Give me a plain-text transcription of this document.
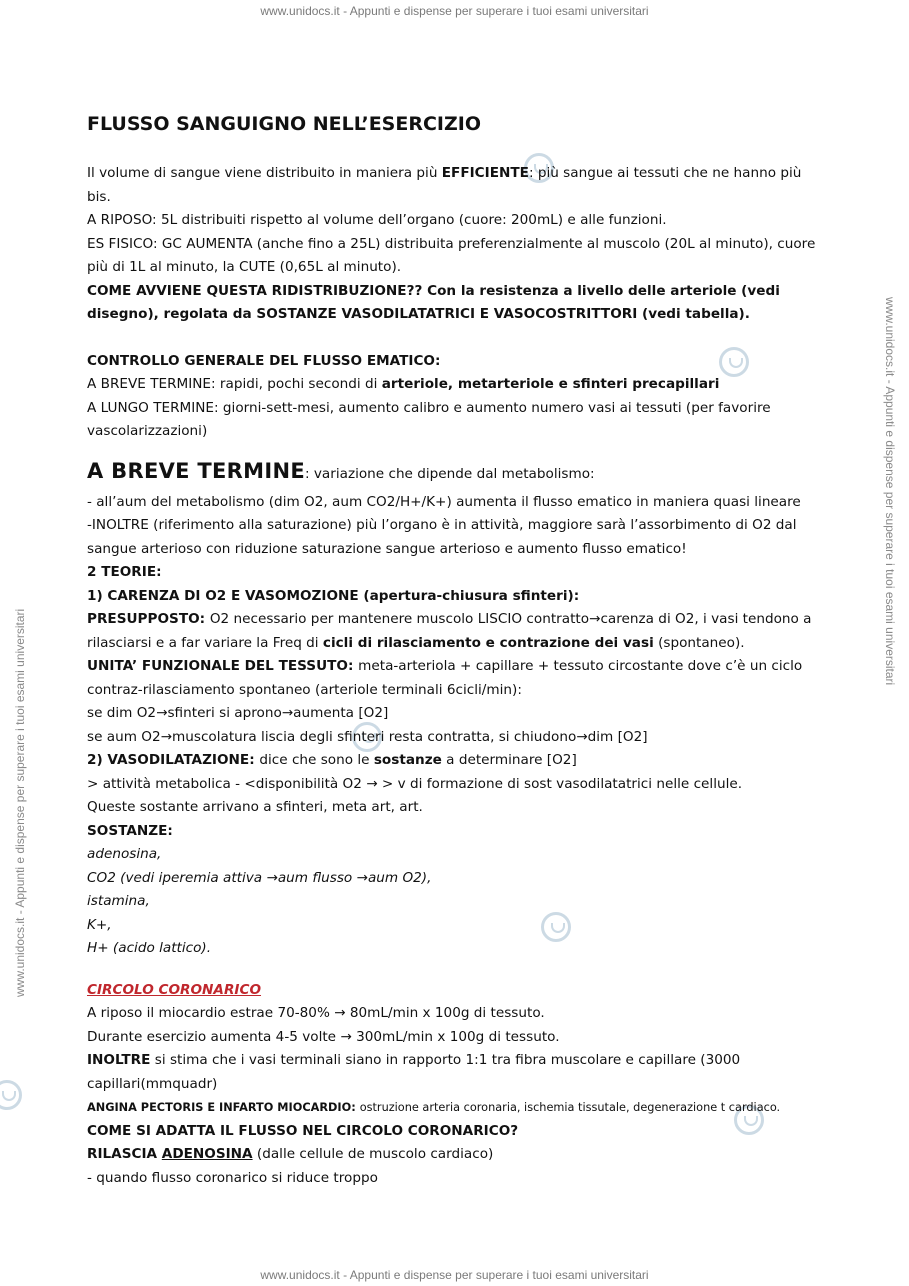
www.unidocs.it - Appunti e dispense per superare i tuoi esami universitari
www.unidocs.it - Appunti e dispense per superare i tuoi esami universitari
www.unidocs.it - Appunti e dispense per superare i tuoi esami universitari
www.unidocs.it - Appunti e dispense per superare i tuoi esami universitari

FLUSSO SANGUIGNO NELL’ESERCIZIO

Il volume di sangue viene distribuito in maniera più EFFICIENTE: più sangue ai tessuti che ne hanno più bis.

A RIPOSO: 5L distribuiti rispetto al volume dell’organo (cuore: 200mL) e alle funzioni.

ES FISICO: GC AUMENTA (anche fino a 25L) distribuita preferenzialmente al muscolo (20L al minuto), cuore più di 1L al minuto, la CUTE (0,65L al minuto).

COME AVVIENE QUESTA RIDISTRIBUZIONE?? Con la resistenza a livello delle arteriole (vedi disegno), regolata da SOSTANZE VASODILATATRICI E VASOCOSTRITTORI (vedi tabella).

CONTROLLO GENERALE DEL FLUSSO EMATICO:

A BREVE TERMINE: rapidi, pochi secondi di arteriole, metarteriole e sfinteri precapillari

A LUNGO TERMINE: giorni-sett-mesi, aumento calibro e aumento numero vasi ai tessuti (per favorire vascolarizzazioni)

A BREVE TERMINE: variazione che dipende dal metabolismo:

- all’aum del metabolismo (dim O2, aum CO2/H+/K+) aumenta il flusso ematico in maniera quasi lineare

-INOLTRE (riferimento alla saturazione) più l’organo è in attività, maggiore sarà l’assorbimento di O2 dal sangue arterioso con riduzione saturazione sangue arterioso e aumento flusso ematico!

2 TEORIE:

1) CARENZA DI O2 E VASOMOZIONE (apertura-chiusura sfinteri):

PRESUPPOSTO: O2 necessario per mantenere muscolo LISCIO contratto→carenza di O2, i vasi tendono a rilasciarsi e a far variare la Freq di cicli di rilasciamento e contrazione dei vasi (spontaneo).

UNITA’ FUNZIONALE DEL TESSUTO: meta-arteriola + capillare + tessuto circostante dove c’è un ciclo contraz-rilasciamento spontaneo (arteriole terminali 6cicli/min):

se dim O2→sfinteri si aprono→aumenta [O2]

se aum O2→muscolatura liscia degli sfinteri resta contratta, si chiudono→dim [O2]

2) VASODILATAZIONE: dice che sono le sostanze a determinare [O2]

> attività metabolica - <disponibilità O2 → > v di formazione di sost vasodilatatrici nelle cellule.

Queste sostante arrivano a sfinteri, meta art, art.

SOSTANZE:

adenosina,

CO2 (vedi iperemia attiva →aum flusso →aum O2),

istamina,

K+,

H+ (acido lattico).

CIRCOLO CORONARICO

A riposo il miocardio estrae 70-80% → 80mL/min x 100g di tessuto.

Durante esercizio aumenta 4-5 volte → 300mL/min x 100g di tessuto.

INOLTRE si stima che i vasi terminali siano in rapporto 1:1 tra fibra muscolare e capillare (3000 capillari(mmquadr)

ANGINA PECTORIS E INFARTO MIOCARDIO: ostruzione arteria coronaria, ischemia tissutale, degenerazione t cardiaco.

COME SI ADATTA IL FLUSSO NEL CIRCOLO CORONARICO?

RILASCIA ADENOSINA (dalle cellule de muscolo cardiaco)

- quando flusso coronarico si riduce troppo
